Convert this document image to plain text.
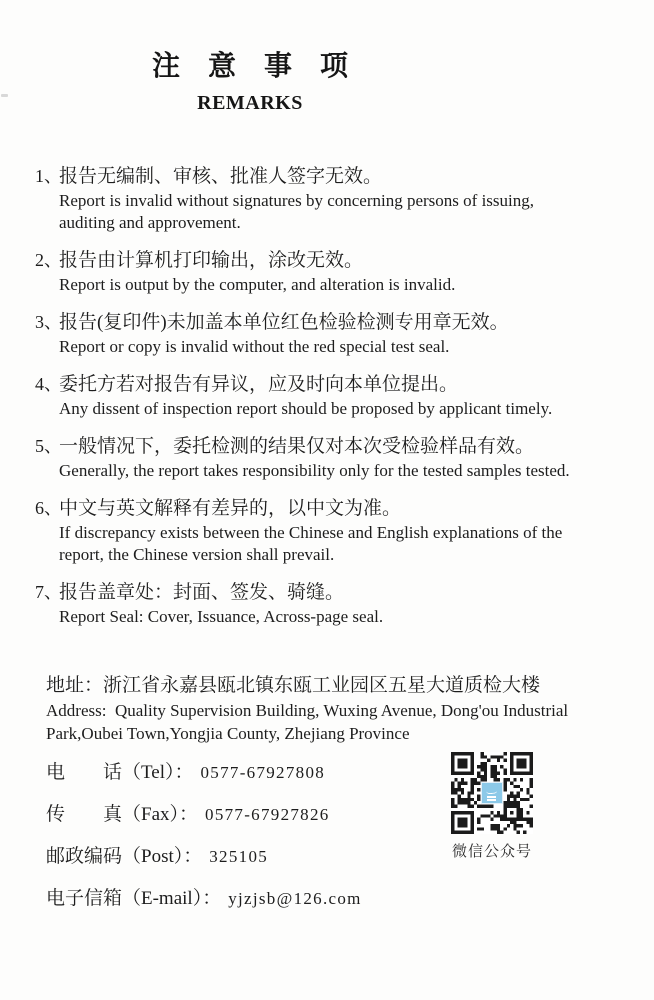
注　意　事　项
REMARKS
1、
报告无编制、审核、批准人签字无效。
Report is invalid without signatures by concerning persons of issuing,
auditing and approvement.
2、
报告由计算机打印输出，涂改无效。
Report is output by the computer, and alteration is invalid.
3、
报告(复印件)未加盖本单位红色检验检测专用章无效。
Report or copy is invalid without the red special test seal.
4、
委托方若对报告有异议，应及时向本单位提出。
Any dissent of inspection report should be proposed by applicant timely.
5、
一般情况下，委托检测的结果仅对本次受检验样品有效。
Generally, the report takes responsibility only for the tested samples tested.
6、
中文与英文解释有差异的，以中文为准。
If discrepancy exists between the Chinese and English explanations of the
report, the Chinese version shall prevail.
7、
报告盖章处：封面、签发、骑缝。
Report Seal: Cover, Issuance, Across-page seal.
地址：浙江省永嘉县瓯北镇东瓯工业园区五星大道质检大楼
Address:  Quality Supervision Building, Wuxing Avenue, Dong'ou Industrial
Park,Oubei Town,Yongjia County, Zhejiang Province
电　　话（Tel）： 0577-67927808
传　　真（Fax）： 0577-67927826
邮政编码（Post）： 325105
电子信箱（E-mail）： yjzjsb@126.com
微信公众号
